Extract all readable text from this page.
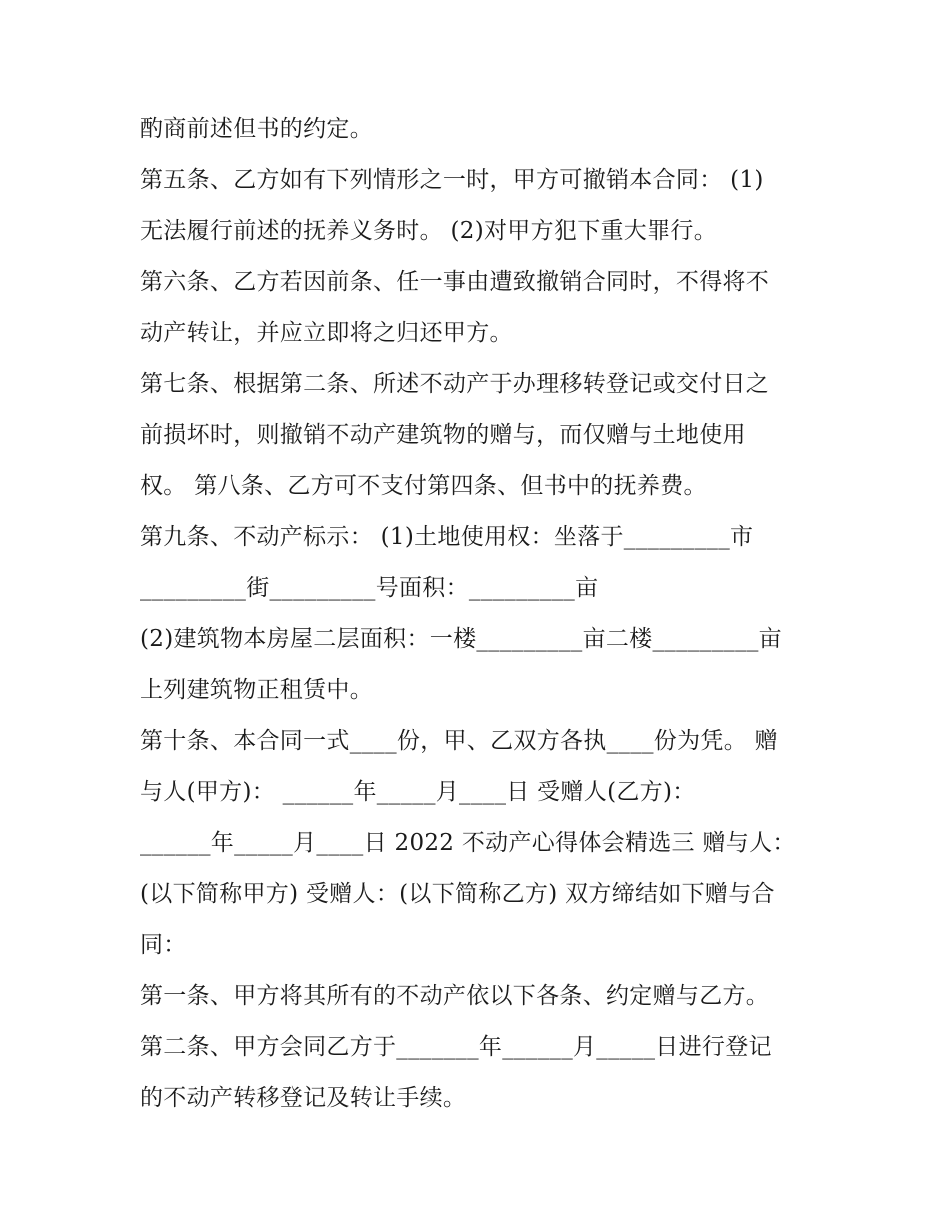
酌商前述但书的约定。
第五条、乙方如有下列情形之一时，甲方可撤销本合同： (1)
无法履行前述的抚养义务时。 (2)对甲方犯下重大罪行。
第六条、乙方若因前条、任一事由遭致撤销合同时，不得将不
动产转让，并应立即将之归还甲方。
第七条、根据第二条、所述不动产于办理移转登记或交付日之
前损坏时，则撤销不动产建筑物的赠与，而仅赠与土地使用
权。 第八条、乙方可不支付第四条、但书中的抚养费。
第九条、不动产标示： (1)土地使用权：坐落于_________市
_________街_________号面积：_________亩
(2)建筑物本房屋二层面积：一楼_________亩二楼_________亩
上列建筑物正租赁中。
第十条、本合同一式____份，甲、乙双方各执____份为凭。 赠
与人(甲方)： ______年_____月____日 受赠人(乙方)：
______年_____月____日 2022 不动产心得体会精选三 赠与人：
(以下简称甲方) 受赠人：(以下简称乙方) 双方缔结如下赠与合
同：
第一条、甲方将其所有的不动产依以下各条、约定赠与乙方。
第二条、甲方会同乙方于_______年______月_____日进行登记
的不动产转移登记及转让手续。
